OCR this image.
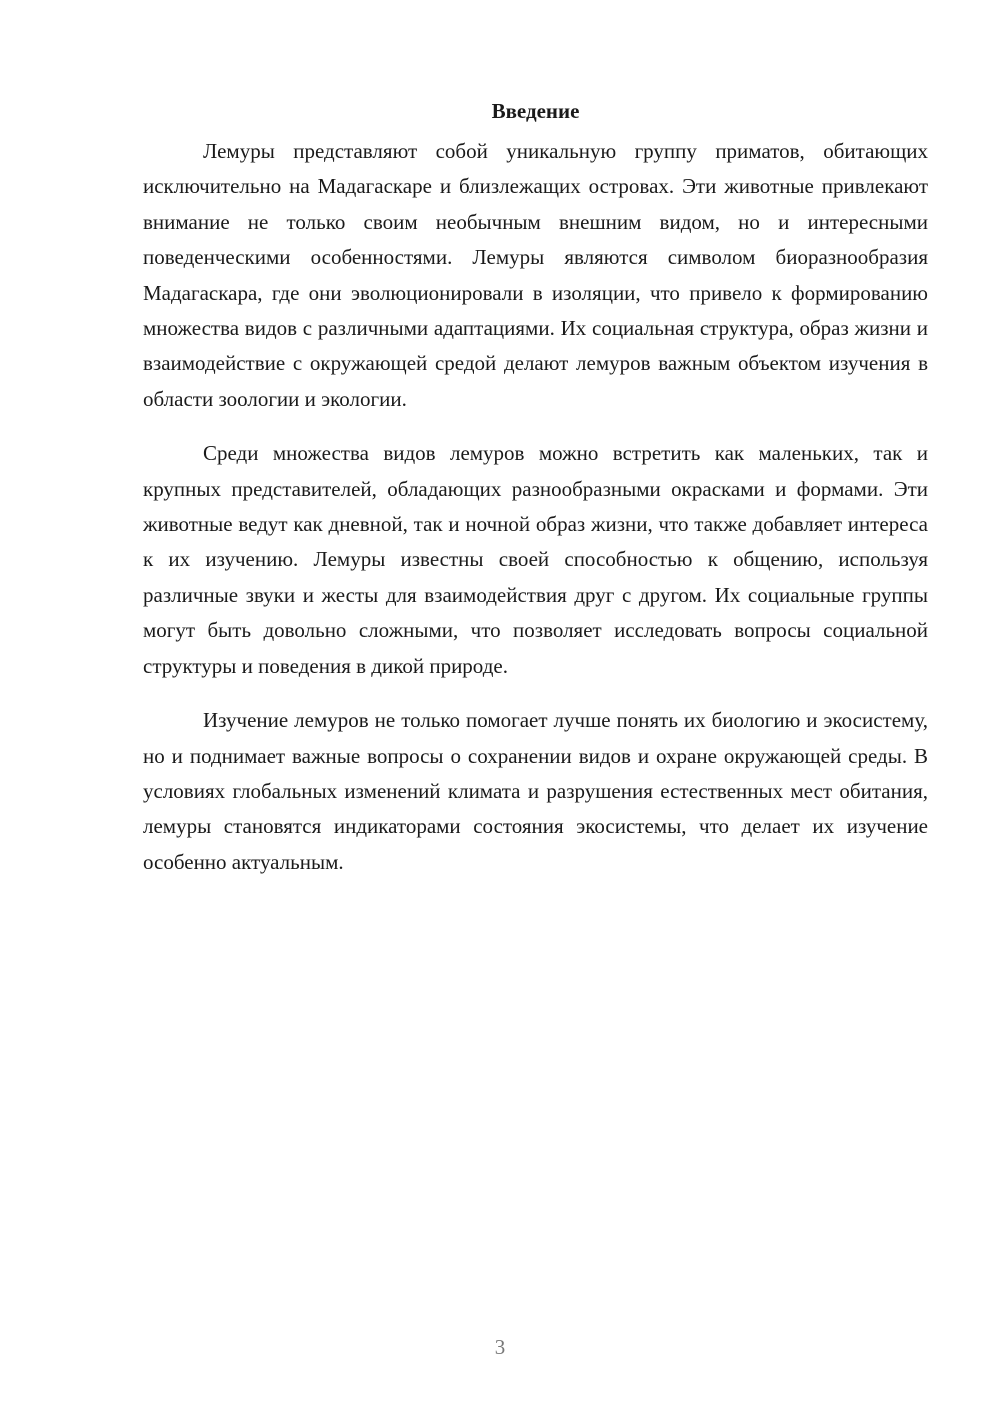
Введение

Лемуры представляют собой уникальную группу приматов, обитающих исключительно на Мадагаскаре и близлежащих островах. Эти животные привлекают внимание не только своим необычным внешним видом, но и интересными поведенческими особенностями. Лемуры являются символом биоразнообразия Мадагаскара, где они эволюционировали в изоляции, что привело к формированию множества видов с различными адаптациями. Их социальная структура, образ жизни и взаимодействие с окружающей средой делают лемуров важным объектом изучения в области зоологии и экологии.

Среди множества видов лемуров можно встретить как маленьких, так и крупных представителей, обладающих разнообразными окрасками и формами. Эти животные ведут как дневной, так и ночной образ жизни, что также добавляет интереса к их изучению. Лемуры известны своей способностью к общению, используя различные звуки и жесты для взаимодействия друг с другом. Их социальные группы могут быть довольно сложными, что позволяет исследовать вопросы социальной структуры и поведения в дикой природе.

Изучение лемуров не только помогает лучше понять их биологию и экосистему, но и поднимает важные вопросы о сохранении видов и охране окружающей среды. В условиях глобальных изменений климата и разрушения естественных мест обитания, лемуры становятся индикаторами состояния экосистемы, что делает их изучение особенно актуальным.

3
